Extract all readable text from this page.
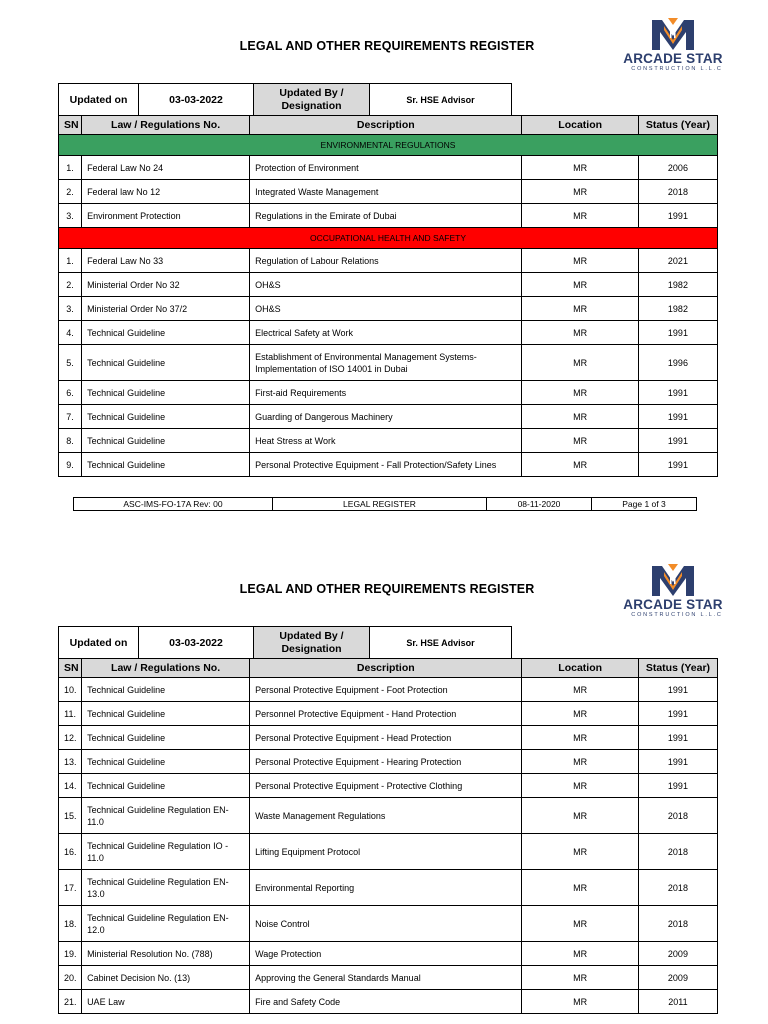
LEGAL AND OTHER REQUIREMENTS REGISTER
ARCADE STAR
CONSTRUCTION L.L.C
Updated on	03-03-2022	Updated By / Designation	Sr. HSE Advisor
SN	Law / Regulations No.	Description	Location	Status (Year)
ENVIRONMENTAL REGULATIONS				
1.	Federal Law No 24	Protection of Environment	MR	2006
2.	Federal law No 12	Integrated Waste Management	MR	2018
3.	Environment Protection	Regulations in the Emirate of Dubai	MR	1991
OCCUPATIONAL HEALTH AND SAFETY				
1.	Federal Law No 33	Regulation of Labour Relations	MR	2021
2.	Ministerial Order No 32	OH&S	MR	1982
3.	Ministerial Order No 37/2	OH&S	MR	1982
4.	Technical Guideline	Electrical Safety at Work	MR	1991
5.	Technical Guideline	Establishment of Environmental Management Systems-Implementation of ISO 14001 in Dubai	MR	1996
6.	Technical Guideline	First-aid Requirements	MR	1991
7.	Technical Guideline	Guarding of Dangerous Machinery	MR	1991
8.	Technical Guideline	Heat Stress at Work	MR	1991
9.	Technical Guideline	Personal Protective Equipment - Fall Protection/Safety Lines	MR	1991
ASC-IMS-FO-17A Rev: 00	LEGAL REGISTER	08-11-2020	Page 1 of 3
LEGAL AND OTHER REQUIREMENTS REGISTER
ARCADE STAR
CONSTRUCTION L.L.C
Updated on	03-03-2022	Updated By / Designation	Sr. HSE Advisor
SN	Law / Regulations No.	Description	Location	Status (Year)
10.	Technical Guideline	Personal Protective Equipment - Foot Protection	MR	1991
11.	Technical Guideline	Personnel Protective Equipment - Hand Protection	MR	1991
12.	Technical Guideline	Personal Protective Equipment - Head Protection	MR	1991
13.	Technical Guideline	Personal Protective Equipment - Hearing Protection	MR	1991
14.	Technical Guideline	Personal Protective Equipment - Protective Clothing	MR	1991
15.	Technical Guideline Regulation EN-11.0	Waste Management Regulations	MR	2018
16.	Technical Guideline Regulation IO - 11.0	Lifting Equipment Protocol	MR	2018
17.	Technical Guideline Regulation EN-13.0	Environmental Reporting	MR	2018
18.	Technical Guideline Regulation EN-12.0	Noise Control	MR	2018
19.	Ministerial Resolution No. (788)	Wage Protection	MR	2009
20.	Cabinet Decision No. (13)	Approving the General Standards Manual	MR	2009
21.	UAE Law	Fire and Safety Code	MR	2011
